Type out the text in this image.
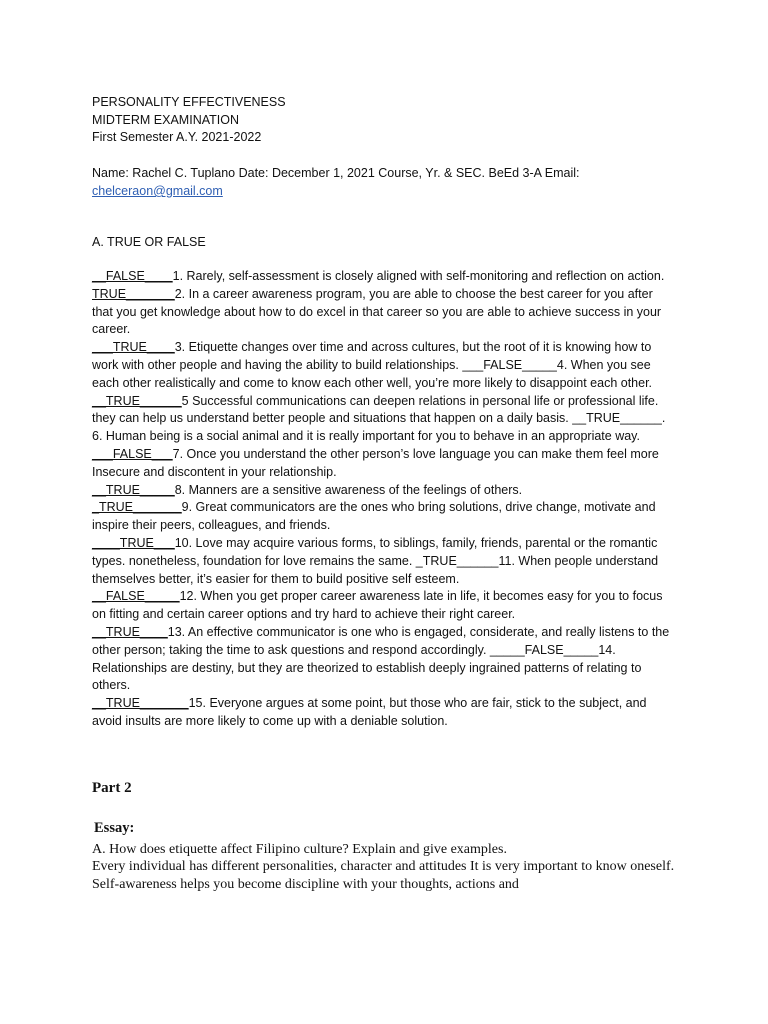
PERSONALITY EFFECTIVENESS
MIDTERM EXAMINATION
First Semester A.Y. 2021-2022
Name: Rachel C. Tuplano Date: December 1, 2021 Course, Yr. & SEC. BeEd 3-A Email:
chelceraon@gmail.com
A. TRUE OR FALSE

__FALSE____1. Rarely, self-assessment is closely aligned with self-monitoring and reflection on action.

TRUE_______2. In a career awareness program, you are able to choose the best career for you after that you get knowledge about how to do excel in that career so you are able to achieve success in your career.

___TRUE____3. Etiquette changes over time and across cultures, but the root of it is knowing how to work with other people and having the ability to build relationships. ___FALSE_____4. When you see each other realistically and come to know each other well, you’re more likely to disappoint each other.

__TRUE______5 Successful communications can deepen relations in personal life or professional life. they can help us understand better people and situations that happen on a daily basis. __TRUE______. 6. Human being is a social animal and it is really important for you to behave in an appropriate way.

___FALSE___7. Once you understand the other person’s love language you can make them feel more Insecure and discontent in your relationship.

__TRUE_____8. Manners are a sensitive awareness of the feelings of others.

_TRUE_______9. Great communicators are the ones who bring solutions, drive change, motivate and inspire their peers, colleagues, and friends.

____TRUE___10. Love may acquire various forms, to siblings, family, friends, parental or the romantic types. nonetheless, foundation for love remains the same. _TRUE______11. When people understand themselves better, it’s easier for them to build positive self esteem.

__FALSE_____12. When you get proper career awareness late in life, it becomes easy for you to focus on fitting and certain career options and try hard to achieve their right career.

__TRUE____13. An effective communicator is one who is engaged, considerate, and really listens to the other person; taking the time to ask questions and respond accordingly. _____FALSE_____14. Relationships are destiny, but they are theorized to establish deeply ingrained patterns of relating to others.

__TRUE_______15. Everyone argues at some point, but those who are fair, stick to the subject, and avoid insults are more likely to come up with a deniable solution.

Part 2
Essay:

A. How does etiquette affect Filipino culture? Explain and give examples.

Every individual has different personalities, character and attitudes It is very important to know oneself. Self-awareness helps you become discipline with your thoughts, actions and
